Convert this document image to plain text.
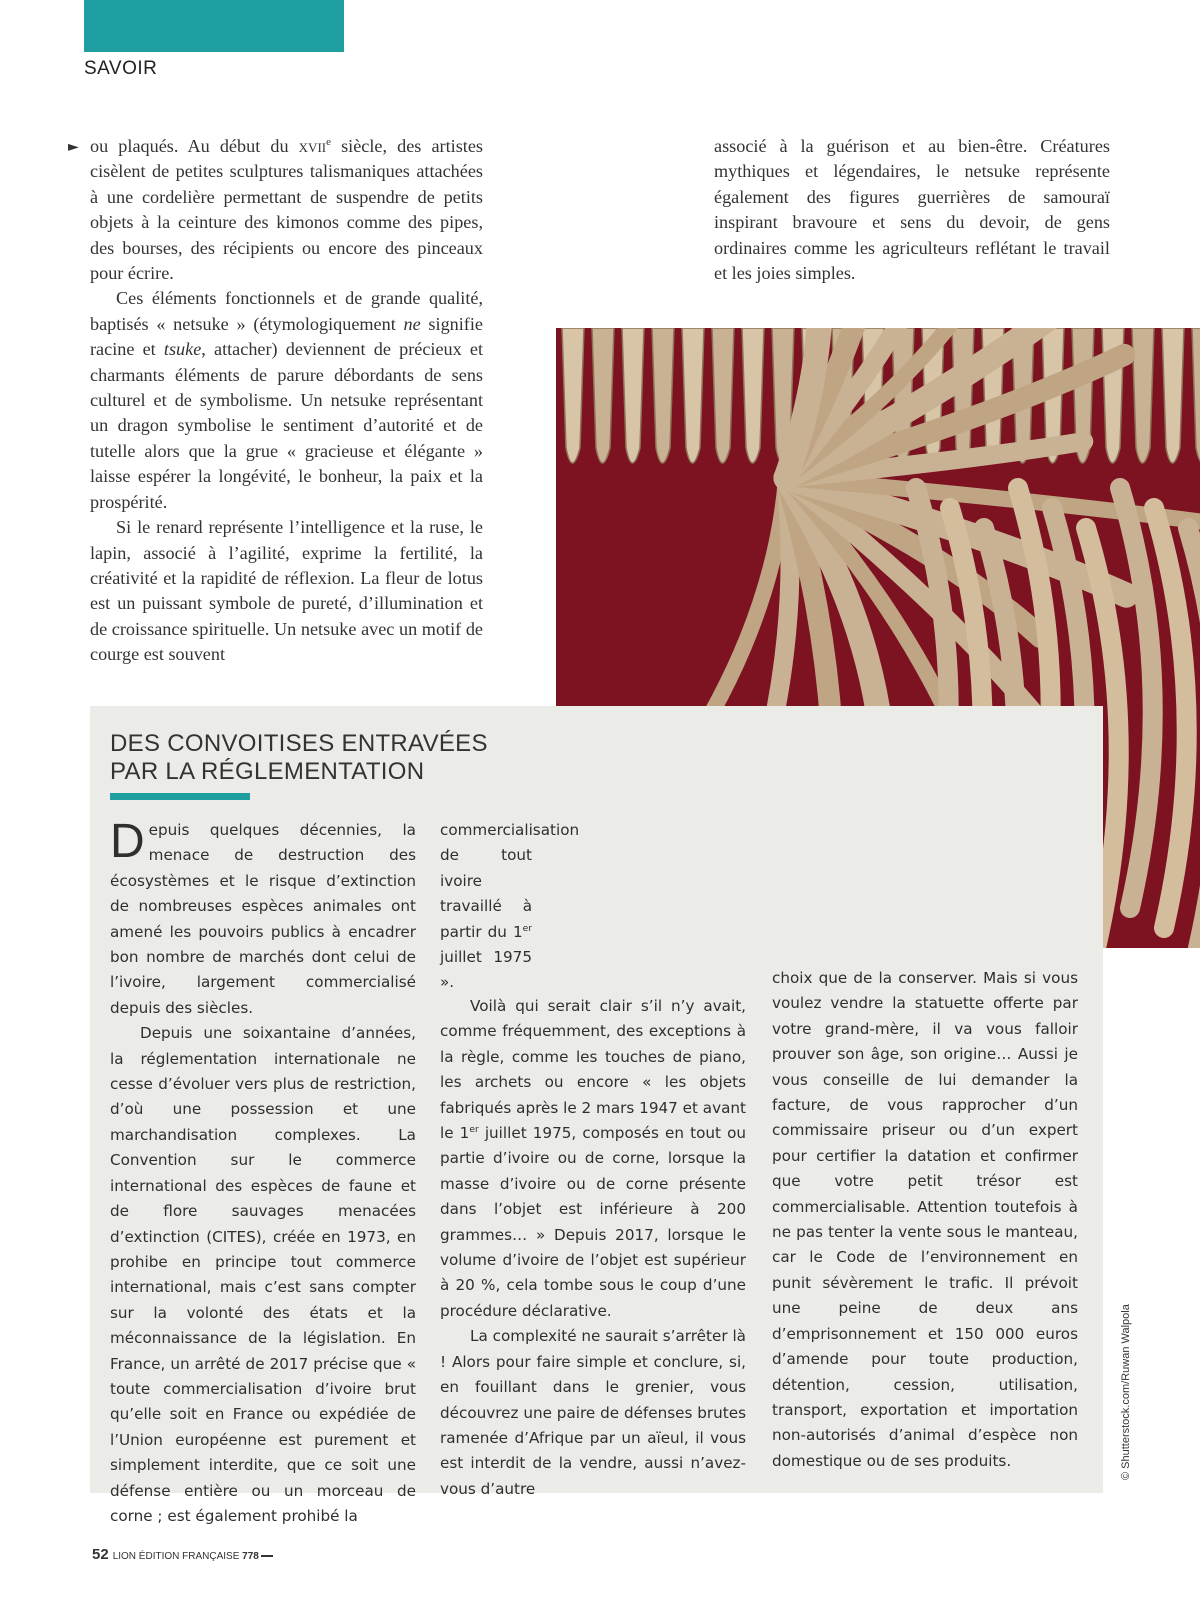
SAVOIR
► ou plaqués. Au début du xvii$^e$ siècle, des artistes cisèlent de petites sculptures talismaniques attachées à une cordelière permettant de suspendre de petits objets à la ceinture des kimonos comme des pipes, des bourses, des récipients ou encore des pinceaux pour écrire.

Ces éléments fonctionnels et de grande qualité, baptisés « netsuke » (étymologiquement ne signifie racine et tsuke, attacher) deviennent de précieux et charmants éléments de parure débordants de sens culturel et de symbolisme. Un netsuke représentant un dragon symbolise le sentiment d’autorité et de tutelle alors que la grue « gracieuse et élégante » laisse espérer la longévité, le bonheur, la paix et la prospérité.

Si le renard représente l’intelligence et la ruse, le lapin, associé à l’agilité, exprime la fertilité, la créativité et la rapidité de réflexion. La fleur de lotus est un puissant symbole de pureté, d’illumination et de croissance spirituelle. Un netsuke avec un motif de courge est souvent

associé à la guérison et au bien-être. Créatures mythiques et légendaires, le netsuke représente également des figures guerrières de samouraï inspirant bravoure et sens du devoir, de gens ordinaires comme les agriculteurs reflétant le travail et les joies simples.

DES CONVOITISES ENTRAVÉES
PAR LA RÉGLEMENTATION

Depuis quelques décennies, la menace de destruction des écosystèmes et le risque d’extinction de nombreuses espèces animales ont amené les pouvoirs publics à encadrer bon nombre de marchés dont celui de l’ivoire, largement commercialisé depuis des siècles.

Depuis une soixantaine d’années, la réglementation internationale ne cesse d’évoluer vers plus de restriction, d’où une possession et une marchandisation complexes. La Convention sur le commerce international des espèces de faune et de flore sauvages menacées d’extinction (CITES), créée en 1973, en prohibe en principe tout commerce international, mais c’est sans compter sur la volonté des états et la méconnaissance de la législation. En France, un arrêté de 2017 précise que « toute commercialisation d’ivoire brut qu’elle soit en France ou expédiée de l’Union européenne est purement et simplement interdite, que ce soit une défense entière ou un morceau de corne ; est également prohibé la

commercialisation de tout ivoire travaillé à partir du 1er juillet 1975 ».

Voilà qui serait clair s’il n’y avait, comme fréquemment, des exceptions à la règle, comme les touches de piano, les archets ou encore « les objets fabriqués après le 2 mars 1947 et avant le 1er juillet 1975, composés en tout ou partie d’ivoire ou de corne, lorsque la masse d’ivoire ou de corne présente dans l’objet est inférieure à 200 grammes… » Depuis 2017, lorsque le volume d’ivoire de l’objet est supérieur à 20 %, cela tombe sous le coup d’une procédure déclarative.

La complexité ne saurait s’arrêter là ! Alors pour faire simple et conclure, si, en fouillant dans le grenier, vous découvrez une paire de défenses brutes ramenée d’Afrique par un aïeul, il vous est interdit de la vendre, aussi n’avez-vous d’autre

choix que de la conserver. Mais si vous voulez vendre la statuette offerte par votre grand-mère, il va vous falloir prouver son âge, son origine… Aussi je vous conseille de lui demander la facture, de vous rapprocher d’un commissaire priseur ou d’un expert pour certifier la datation et confirmer que votre petit trésor est commercialisable. Attention toutefois à ne pas tenter la vente sous le manteau, car le Code de l’environnement en punit sévèrement le trafic. Il prévoit une peine de deux ans d’emprisonnement et 150 000 euros d’amende pour toute production, détention, cession, utilisation, transport, exportation et importation non-autorisés d’animal d’espèce non domestique ou de ses produits.	© Shutterstock.com/Ruwan Walpola
52 LION ÉDITION FRANÇAISE 778
